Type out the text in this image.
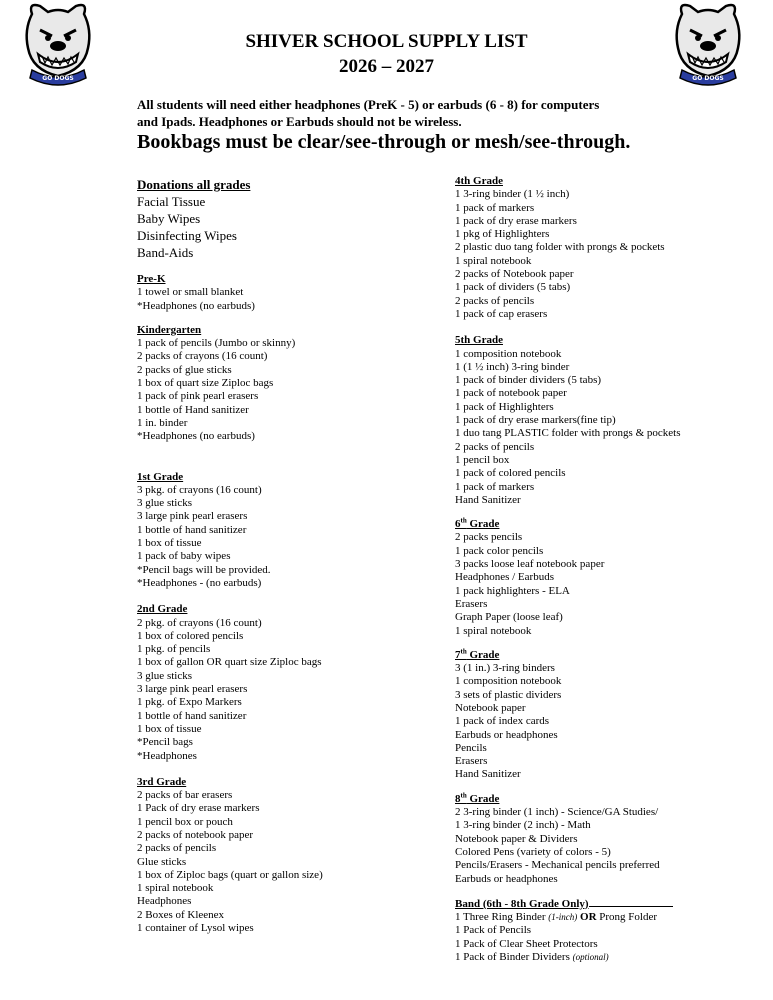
GO DOGS	GO DOGS
SHIVER SCHOOL SUPPLY LIST
2026 – 2027
All students will need either headphones (PreK - 5) or earbuds (6 - 8) for computers
and Ipads. Headphones or Earbuds should not be wireless.
Bookbags must be clear/see-through or mesh/see-through.
Donations all grades
Facial Tissue
Baby Wipes
Disinfecting Wipes
Band-Aids
Pre-K
1 towel or small blanket
*Headphones (no earbuds)
Kindergarten
1 pack of pencils (Jumbo or skinny)
2 packs of crayons (16 count)
2 packs of glue sticks
1 box of quart size Ziploc bags
1 pack of pink pearl erasers
1 bottle of Hand sanitizer
1 in. binder
*Headphones (no earbuds)
1st Grade
3 pkg. of crayons (16 count)
3 glue sticks
3 large pink pearl erasers
1 bottle of hand sanitizer
1 box of tissue
1 pack of baby wipes
*Pencil bags will be provided.
*Headphones - (no earbuds)
2nd Grade
2 pkg. of crayons (16 count)
1 box of colored pencils
1 pkg. of pencils
1 box of gallon OR quart size Ziploc bags
3 glue sticks
3 large pink pearl erasers
1 pkg. of Expo Markers
1 bottle of hand sanitizer
1 box of tissue
*Pencil bags
*Headphones
3rd Grade
2 packs of bar erasers
1 Pack of dry erase markers
1 pencil box or pouch
2 packs of notebook paper
2 packs of pencils
Glue sticks
1 box of Ziploc bags (quart or gallon size)
1 spiral notebook
Headphones
2 Boxes of Kleenex
1 container of Lysol wipes
4th Grade
1 3-ring binder (1 ½ inch)
1 pack of markers
1 pack of dry erase markers
1 pkg of Highlighters
2 plastic duo tang folder with prongs & pockets
1 spiral notebook
2 packs of Notebook paper
1 pack of dividers (5 tabs)
2 packs of pencils
1 pack of cap erasers
5th Grade
1 composition notebook
1 (1 ½ inch) 3-ring binder
1 pack of binder dividers (5 tabs)
1 pack of notebook paper
1 pack of Highlighters
1 pack of dry erase markers(fine tip)
1 duo tang PLASTIC folder with prongs & pockets
2 packs of pencils
1 pencil box
1 pack of colored pencils
1 pack of markers
Hand Sanitizer
6th Grade
2 packs pencils
1 pack color pencils
3 packs loose leaf notebook paper
Headphones / Earbuds
1 pack highlighters - ELA
Erasers
Graph Paper (loose leaf)
1 spiral notebook
7th Grade
3 (1 in.) 3-ring binders
1 composition notebook
3 sets of plastic dividers
Notebook paper
1 pack of index cards
Earbuds or headphones
Pencils
Erasers
Hand Sanitizer
8th Grade
2 3-ring binder (1 inch) - Science/GA Studies/
1 3-ring binder (2 inch) - Math
Notebook paper & Dividers
Colored Pens (variety of colors - 5)
Pencils/Erasers - Mechanical pencils preferred
Earbuds or headphones
Band (6th - 8th Grade Only)
1 Three Ring Binder (1-inch) OR Prong Folder
1 Pack of Pencils
1 Pack of Clear Sheet Protectors
1 Pack of Binder Dividers (optional)
